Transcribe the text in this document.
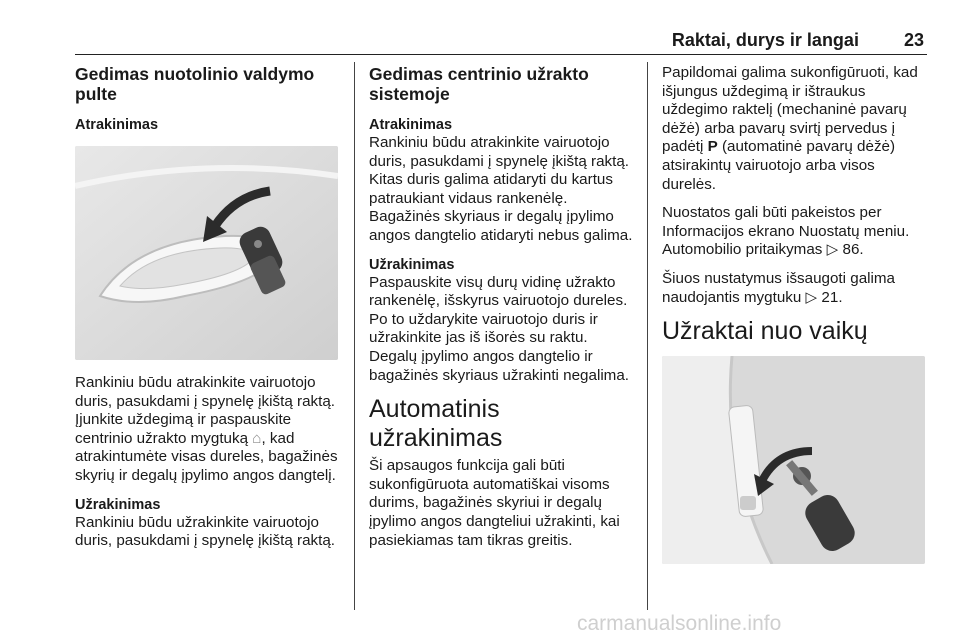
Raktai, durys ir langai	23
Gedimas nuotolinio valdymo pulte
Atrakinimas

Rankiniu būdu atrakinkite vairuotojo duris, pasukdami į spynelę įkištą raktą. Įjunkite uždegimą ir paspauskite centrinio užrakto mygtuką ⌂, kad atrakintumėte visas dureles, bagažinės skyrių ir degalų įpylimo angos dangtelį.

Užrakinimas

Rankiniu būdu užrakinkite vairuotojo duris, pasukdami į spynelę įkištą raktą.

Gedimas centrinio užrakto sistemoje
Atrakinimas

Rankiniu būdu atrakinkite vairuotojo duris, pasukdami į spynelę įkištą raktą. Kitas duris galima atidaryti du kartus patraukiant vidaus rankenėlę. Bagažinės skyriaus ir degalų įpylimo angos dangtelio atidaryti nebus galima.

Užrakinimas

Paspauskite visų durų vidinę užrakto rankenėlę, išskyrus vairuotojo dureles. Po to uždarykite vairuotojo duris ir užrakinkite jas iš išorės su raktu. Degalų įpylimo angos dangtelio ir bagažinės skyriaus užrakinti negalima.

Automatinis užrakinimas

Ši apsaugos funkcija gali būti sukonfigūruota automatiškai visoms durims, bagažinės skyriui ir degalų įpylimo angos dangteliui užrakinti, kai pasiekiamas tam tikras greitis.

Papildomai galima sukonfigūruoti, kad išjungus uždegimą ir ištraukus uždegimo raktelį (mechaninė pavarų dėžė) arba pavarų svirtį pervedus į padėtį P (automatinė pavarų dėžė) atsirakintų vairuotojo arba visos durelės.

Nuostatos gali būti pakeistos per Informacijos ekrano Nuostatų meniu. Automobilio pritaikymas ▷ 86.

Šiuos nustatymus išsaugoti galima naudojantis mygtuku ▷ 21.

Užraktai nuo vaikų
carmanualsonline.info
